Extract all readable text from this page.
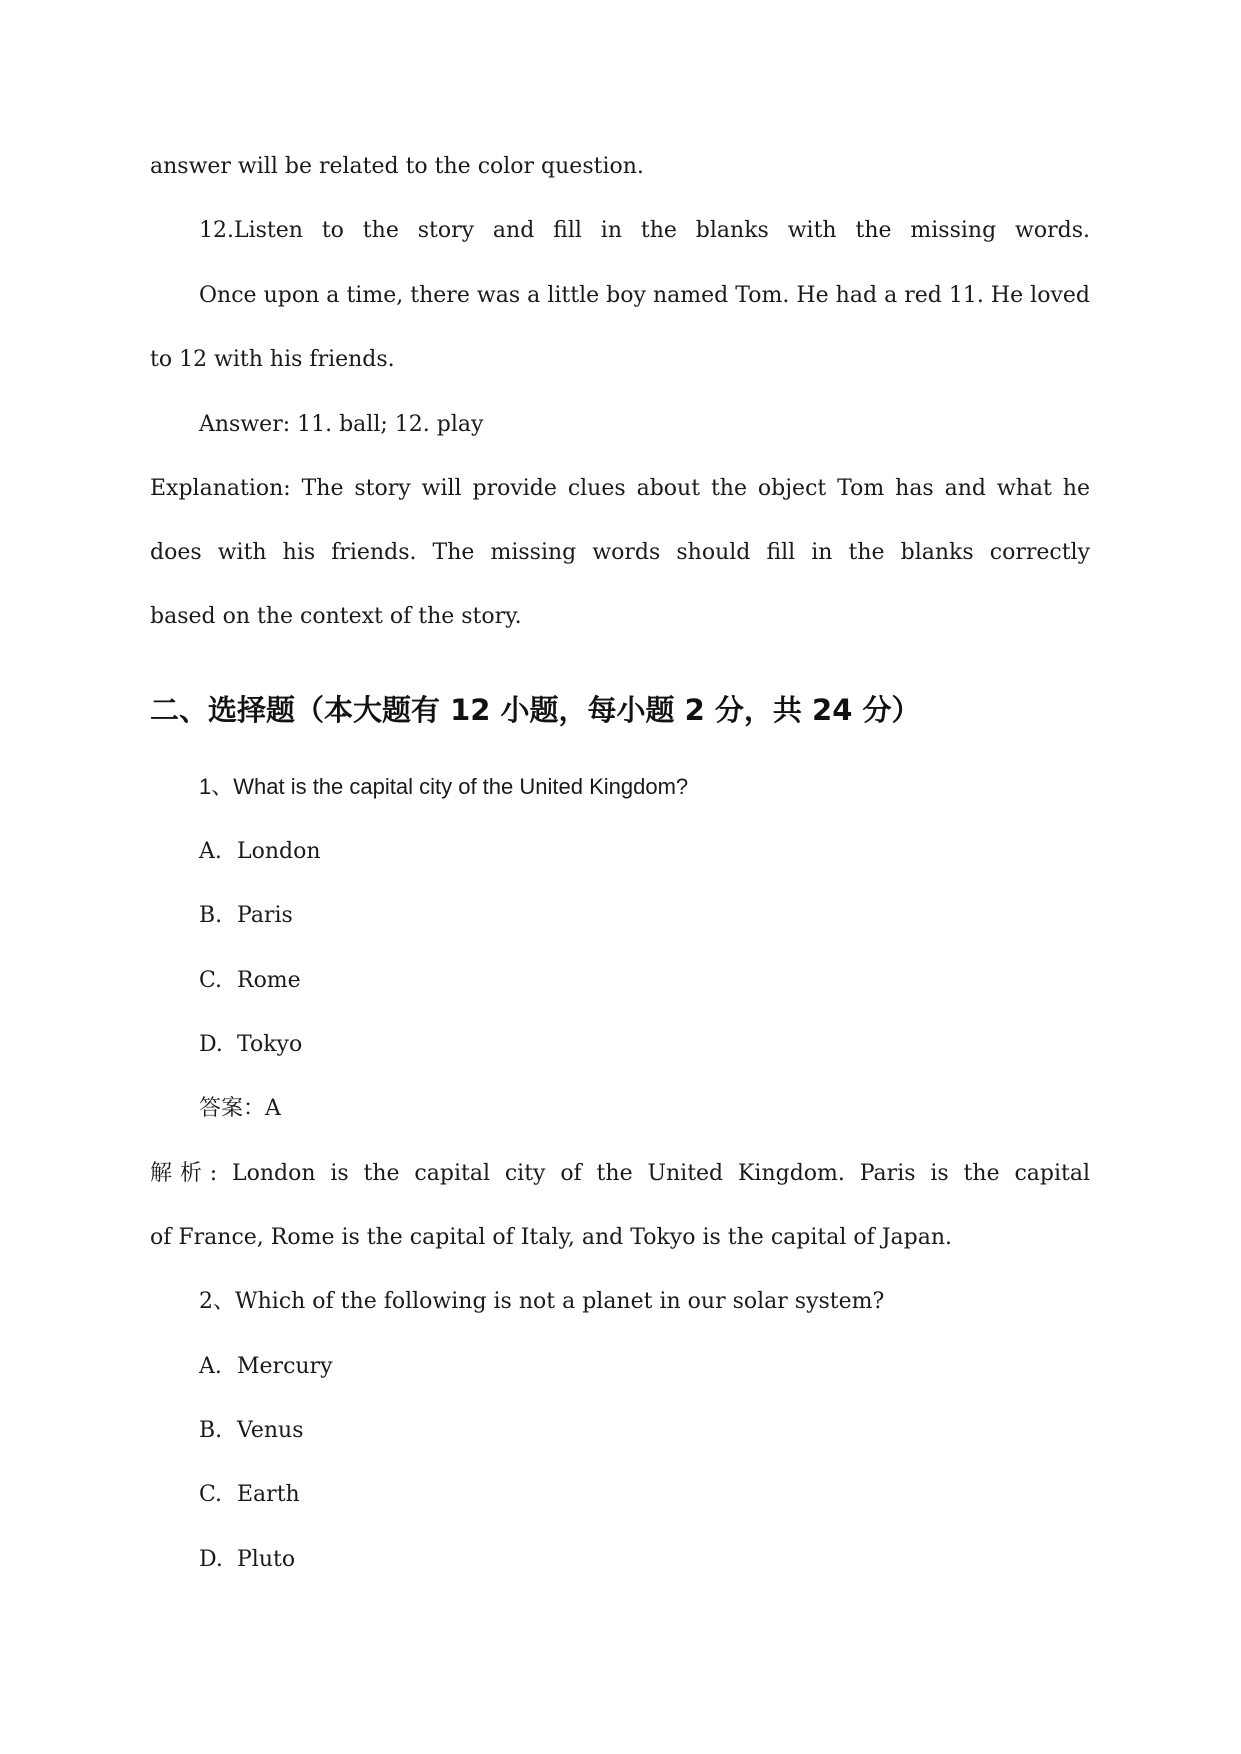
answer will be related to the color question.
12.Listen to the story and fill in the blanks with the missing words.
Once upon a time, there was a little boy named Tom. He had a red 11. He loved
to 12 with his friends.
Answer: 11. ball; 12. play
Explanation: The story will provide clues about the object Tom has and what he
does with his friends. The missing words should fill in the blanks correctly
based on the context of the story.
二、选择题（本大题有 12 小题，每小题 2 分，共 24 分）
1、What is the capital city of the United Kingdom?
A. London
B. Paris
C. Rome
D. Tokyo
答案：A
解析: London is the capital city of the United Kingdom. Paris is the capital
of France, Rome is the capital of Italy, and Tokyo is the capital of Japan.
2、Which of the following is not a planet in our solar system?
A. Mercury
B. Venus
C. Earth
D. Pluto
